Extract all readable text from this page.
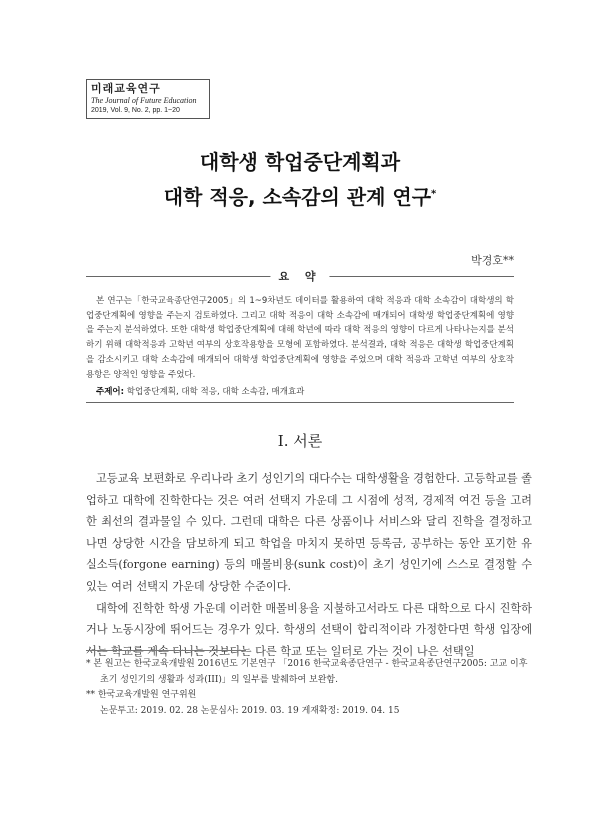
미래교육연구
The Journal of Future Education
2019, Vol. 9, No. 2, pp. 1~20
대학생 학업중단계획과
대학 적응, 소속감의 관계 연구*
박경호**
요 약

본 연구는「한국교육종단연구2005」의 1~9차년도 데이터를 활용하여 대학 적응과 대학 소속감이 대학생의 학업중단계획에 영향을 주는지 검토하였다. 그리고 대학 적응이 대학 소속감에 매개되어 대학생 학업중단계획에 영향을 주는지 분석하였다. 또한 대학생 학업중단계획에 대해 학년에 따라 대학 적응의 영향이 다르게 나타나는지를 분석하기 위해 대학적응과 고학년 여부의 상호작용항을 모형에 포함하였다. 분석결과, 대학 적응은 대학생 학업중단계획을 감소시키고 대학 소속감에 매개되어 대학생 학업중단계획에 영향을 주었으며 대학 적응과 고학년 여부의 상호작용항은 양적인 영향을 주었다.

주제어: 학업중단계획, 대학 적응, 대학 소속감, 매개효과
I. 서론

고등교육 보편화로 우리나라 초기 성인기의 대다수는 대학생활을 경험한다. 고등학교를 졸업하고 대학에 진학한다는 것은 여러 선택지 가운데 그 시점에 성적, 경제적 여건 등을 고려한 최선의 결과물일 수 있다. 그런데 대학은 다른 상품이나 서비스와 달리 진학을 결정하고 나면 상당한 시간을 담보하게 되고 학업을 마치지 못하면 등록금, 공부하는 동안 포기한 유실소득(forgone earning) 등의 매몰비용(sunk cost)이 초기 성인기에 스스로 결정할 수 있는 여러 선택지 가운데 상당한 수준이다.

대학에 진학한 학생 가운데 이러한 매몰비용을 지불하고서라도 다른 대학으로 다시 진학하거나 노동시장에 뛰어드는 경우가 있다. 학생의 선택이 합리적이라 가정한다면 학생 입장에서는 학교를 계속 다니는 것보다는 다른 학교 또는 일터로 가는 것이 나은 선택일

* 본 원고는 한국교육개발원 2016년도 기본연구 「2016 한국교육종단연구 - 한국교육종단연구2005: 고교 이후 초기 성인기의 생활과 성과(III)」의 일부를 발췌하여 보완함.
** 한국교육개발원 연구위원
논문투고: 2019. 02. 28 논문심사: 2019. 03. 19 게재확정: 2019. 04. 15
